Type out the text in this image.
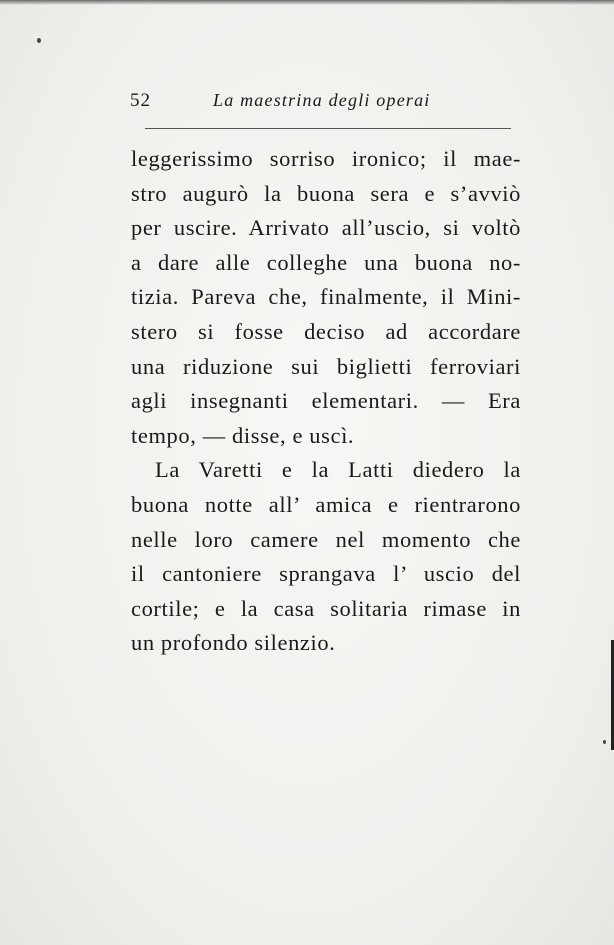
52	La maestrina degli operai
leggerissimo sorriso ironico; il mae-
stro augurò la buona sera e s’avviò
per uscire. Arrivato all’uscio, si voltò
a dare alle colleghe una buona no-
tizia. Pareva che, finalmente, il Mini-
stero si fosse deciso ad accordare
una riduzione sui biglietti ferroviari
agli insegnanti elementari. — Era
tempo, — disse, e uscì.
La Varetti e la Latti diedero la
buona notte all’ amica e rientrarono
nelle loro camere nel momento che
il cantoniere sprangava l’ uscio del
cortile; e la casa solitaria rimase in
un profondo silenzio.
